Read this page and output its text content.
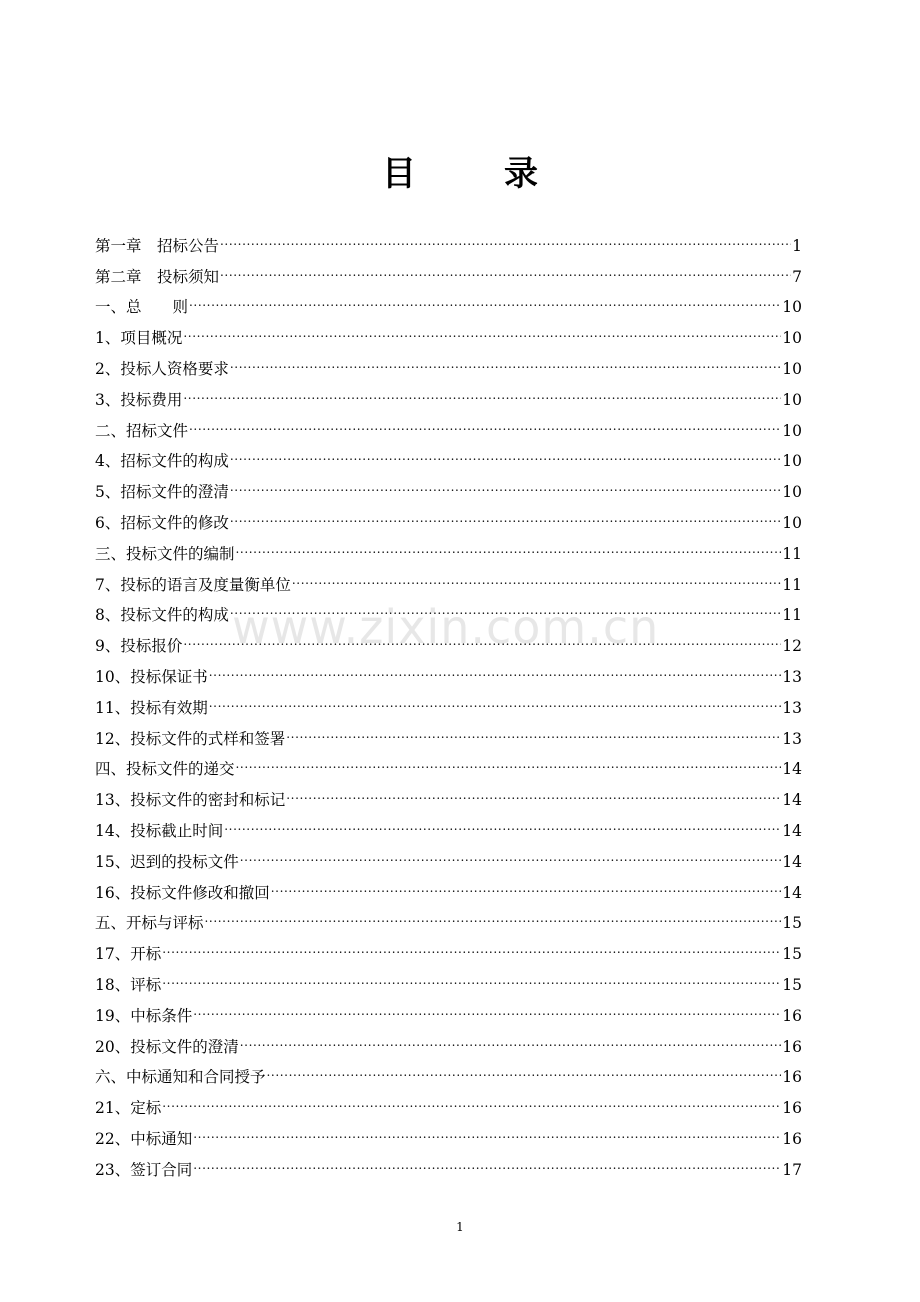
目	录
第一章　招标公告 .....	1
第二章　投标须知 .....	7
一、总　　则 .....	10
1、项目概况 .....	10
2、投标人资格要求 .....	10
3、投标费用 .....	10
二、招标文件 .....	10
4、招标文件的构成 .....	10
5、招标文件的澄清 .....	10
6、招标文件的修改 .....	10
三、投标文件的编制 .....	11
7、投标的语言及度量衡单位 .....	11
8、投标文件的构成 .....	11
9、投标报价 .....	12
10、投标保证书 .....	13
11、投标有效期 .....	13
12、投标文件的式样和签署 .....	13
四、投标文件的递交 .....	14
13、投标文件的密封和标记 .....	14
14、投标截止时间 .....	14
15、迟到的投标文件 .....	14
16、投标文件修改和撤回 .....	14
五、开标与评标 .....	15
17、开标 .....	15
18、评标 .....	15
19、中标条件 .....	16
20、投标文件的澄清 .....	16
六、中标通知和合同授予 .....	16
21、定标 .....	16
22、中标通知 .....	16
23、签订合同 .....	17
www.zixin.com.cn
1
